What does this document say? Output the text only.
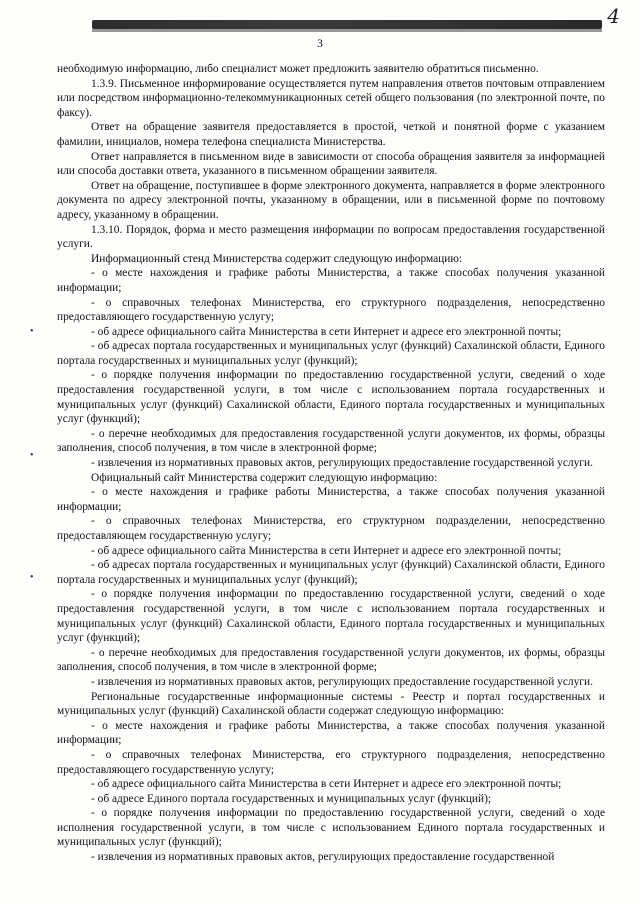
4
3
•
•
•

необходимую информацию, либо специалист может предложить заявителю обратиться письменно.

1.3.9. Письменное информирование осуществляется путем направления ответов почтовым отправлением или посредством информационно-телекоммуникационных сетей общего пользования (по электронной почте, по факсу).

Ответ на обращение заявителя предоставляется в простой, четкой и понятной форме с указанием фамилии, инициалов, номера телефона специалиста Министерства.

Ответ направляется в письменном виде в зависимости от способа обращения заявителя за информацией или способа доставки ответа, указанного в письменном обращении заявителя.

Ответ на обращение, поступившее в форме электронного документа, направляется в форме электронного документа по адресу электронной почты, указанному в обращении, или в письменной форме по почтовому адресу, указанному в обращении.

1.3.10. Порядок, форма и место размещения информации по вопросам предоставления государственной услуги.

Информационный стенд Министерства содержит следующую информацию:

- о месте нахождения и графике работы Министерства, а также способах получения указанной информации;

- о справочных телефонах Министерства, его структурного подразделения, непосредственно предоставляющего государственную услугу;

- об адресе официального сайта Министерства в сети Интернет и адресе его электронной почты;

- об адресах портала государственных и муниципальных услуг (функций) Сахалинской области, Единого портала государственных и муниципальных услуг (функций);

- о порядке получения информации по предоставлению государственной услуги, сведений о ходе предоставления государственной услуги, в том числе с использованием портала государственных и муниципальных услуг (функций) Сахалинской области, Единого портала государственных и муниципальных услуг (функций);

- о перечне необходимых для предоставления государственной услуги документов, их формы, образцы заполнения, способ получения, в том числе в электронной форме;

- извлечения из нормативных правовых актов, регулирующих предоставление государственной услуги.

Официальный сайт Министерства содержит следующую информацию:

- о месте нахождения и графике работы Министерства, а также способах получения указанной информации;

- о справочных телефонах Министерства, его структурном подразделении, непосредственно предоставляющем государственную услугу;

- об адресе официального сайта Министерства в сети Интернет и адресе его электронной почты;

- об адресах портала государственных и муниципальных услуг (функций) Сахалинской области, Единого портала государственных и муниципальных услуг (функций);

- о порядке получения информации по предоставлению государственной услуги, сведений о ходе предоставления государственной услуги, в том числе с использованием портала государственных и муниципальных услуг (функций) Сахалинской области, Единого портала государственных и муниципальных услуг (функций);

- о перечне необходимых для предоставления государственной услуги документов, их формы, образцы заполнения, способ получения, в том числе в электронной форме;

- извлечения из нормативных правовых актов, регулирующих предоставление государственной услуги.

Региональные государственные информационные системы - Реестр и портал государственных и муниципальных услуг (функций) Сахалинской области содержат следующую информацию:

- о месте нахождения и графике работы Министерства, а также способах получения указанной информации;

- о справочных телефонах Министерства, его структурного подразделения, непосредственно предоставляющего государственную услугу;

- об адресе официального сайта Министерства в сети Интернет и адресе его электронной почты;

- об адресе Единого портала государственных и муниципальных услуг (функций);

- о порядке получения информации по предоставлению государственной услуги, сведений о ходе исполнения государственной услуги, в том числе с использованием Единого портала государственных и муниципальных услуг (функций);

- извлечения из нормативных правовых актов, регулирующих предоставление государственной
